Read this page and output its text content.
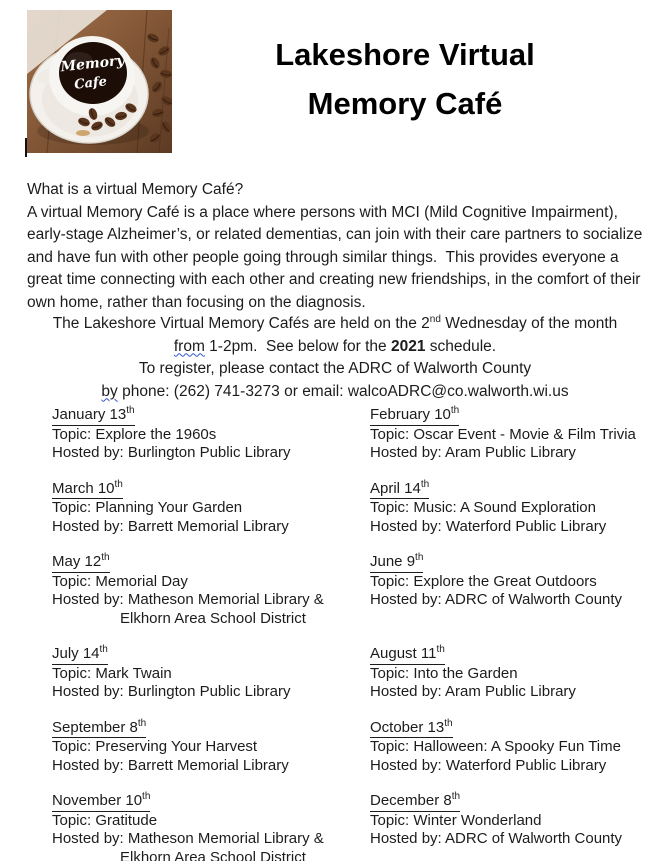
Memory
Cafe
Lakeshore Virtual
Memory Café
What is a virtual Memory Café?
A virtual Memory Café is a place where persons with MCI (Mild Cognitive Impairment), early-stage Alzheimer’s, or related dementias, can join with their care partners to socialize and have fun with other people going through similar things.  This provides everyone a great time connecting with each other and creating new friendships, in the comfort of their own home, rather than focusing on the diagnosis.
The Lakeshore Virtual Memory Cafés are held on the 2nd Wednesday of the month
from 1-2pm.  See below for the 2021 schedule.
To register, please contact the ADRC of Walworth County
by phone: (262) 741-3273 or email: walcoADRC@co.walworth.wi.us
January 13th
Topic: Explore the 1960s
Hosted by: Burlington Public Library
February 10th
Topic: Oscar Event - Movie & Film Trivia
Hosted by: Aram Public Library
March 10th
Topic: Planning Your Garden
Hosted by: Barrett Memorial Library
April 14th
Topic: Music: A Sound Exploration
Hosted by: Waterford Public Library
May 12th
Topic: Memorial Day
Hosted by: Matheson Memorial Library &
Elkhorn Area School District
June 9th
Topic: Explore the Great Outdoors
Hosted by: ADRC of Walworth County
July 14th
Topic: Mark Twain
Hosted by: Burlington Public Library
August 11th
Topic: Into the Garden
Hosted by: Aram Public Library
September 8th
Topic: Preserving Your Harvest
Hosted by: Barrett Memorial Library
October 13th
Topic: Halloween: A Spooky Fun Time
Hosted by: Waterford Public Library
November 10th
Topic: Gratitude
Hosted by: Matheson Memorial Library &
Elkhorn Area School District
December 8th
Topic: Winter Wonderland
Hosted by: ADRC of Walworth County
